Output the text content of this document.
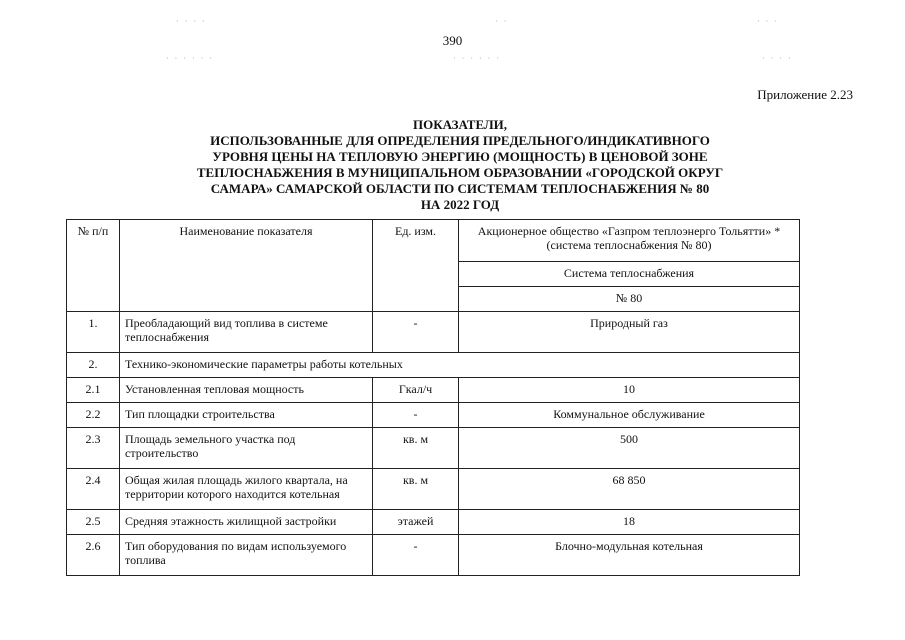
· · · ·	· ·	· · ·
· · · · · ·	· · · · · ·	· · · ·
390
Приложение 2.23
ПОКАЗАТЕЛИ,
ИСПОЛЬЗОВАННЫЕ ДЛЯ ОПРЕДЕЛЕНИЯ ПРЕДЕЛЬНОГО/ИНДИКАТИВНОГО
УРОВНЯ ЦЕНЫ НА ТЕПЛОВУЮ ЭНЕРГИЮ (МОЩНОСТЬ) В ЦЕНОВОЙ ЗОНЕ
ТЕПЛОСНАБЖЕНИЯ В МУНИЦИПАЛЬНОМ ОБРАЗОВАНИИ «ГОРОДСКОЙ ОКРУГ
САМАРА» САМАРСКОЙ ОБЛАСТИ ПО СИСТЕМАМ ТЕПЛОСНАБЖЕНИЯ № 80
НА 2022 ГОД
№ п/п	Наименование показателя	Ед. изм.	Акционерное общество «Газпром теплоэнерго Тольятти» * (система теплоснабжения № 80)
			Система теплоснабжения
			№ 80
1.	Преобладающий вид топлива в системе теплоснабжения	-	Природный газ
2.	Технико-экономические параметры работы котельных		
2.1	Установленная тепловая мощность	Гкал/ч	10
2.2	Тип площадки строительства	-	Коммунальное обслуживание
2.3	Площадь земельного участка под строительство	кв. м	500
2.4	Общая жилая площадь жилого квартала, на территории которого находится котельная	кв. м	68 850
2.5	Средняя этажность жилищной застройки	этажей	18
2.6	Тип оборудования по видам используемого топлива	-	Блочно-модульная котельная
